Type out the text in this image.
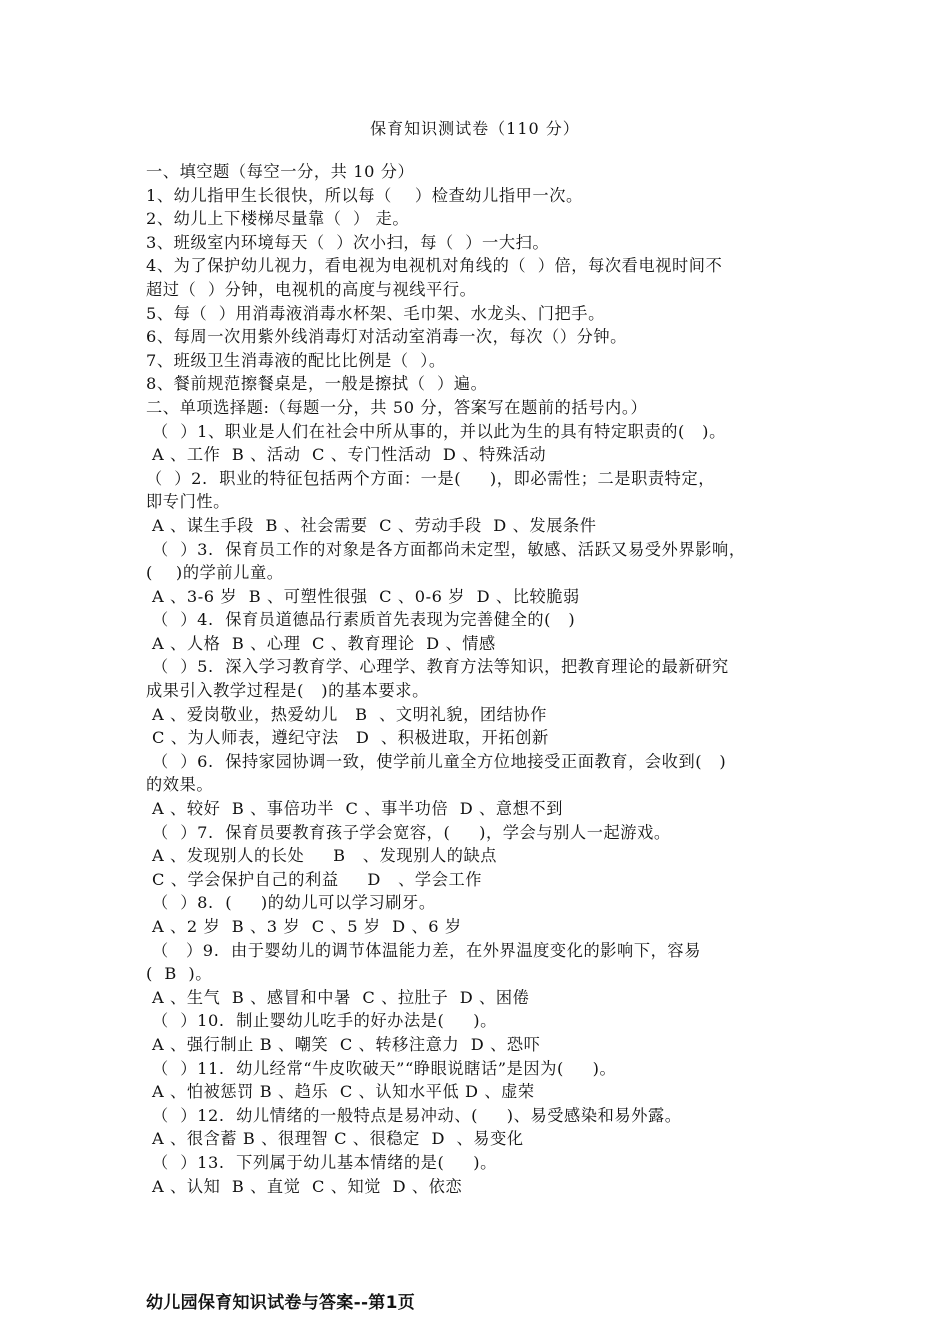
保育知识测试卷（110 分）
一、填空题（每空一分，共 10 分）
1、幼儿指甲生长很快，所以每（    ）检查幼儿指甲一次。
2、幼儿上下楼梯尽量靠（  ） 走。
3、班级室内环境每天（  ）次小扫，每（  ）一大扫。
4、为了保护幼儿视力，看电视为电视机对角线的（  ）倍，每次看电视时间不
超过（  ）分钟，电视机的高度与视线平行。
5、每（  ）用消毒液消毒水杯架、毛巾架、水龙头、门把手。
6、每周一次用紫外线消毒灯对活动室消毒一次，每次（）分钟。
7、班级卫生消毒液的配比比例是（  ）。
8、餐前规范擦餐桌是，一般是擦拭（  ）遍。
二、单项选择题:（每题一分，共 50 分，答案写在题前的括号内。）
（  ）1、职业是人们在社会中所从事的，并以此为生的具有特定职责的(   )。
A 、工作  B 、活动  C 、专门性活动  D 、特殊活动
（  ）2.  职业的特征包括两个方面：一是(     )，即必需性；二是职责特定，
即专门性。
A 、谋生手段  B 、社会需要  C 、劳动手段  D 、发展条件
（  ）3.  保育员工作的对象是各方面都尚未定型，敏感、活跃又易受外界影响，
(    )的学前儿童。
A 、3-6 岁  B 、可塑性很强  C 、0-6 岁  D 、比较脆弱
（  ）4.  保育员道德品行素质首先表现为完善健全的(   )
A 、人格  B 、心理  C 、教育理论  D 、情感
（  ）5.  深入学习教育学、心理学、教育方法等知识，把教育理论的最新研究
成果引入教学过程是(   )的基本要求。
A 、爱岗敬业，热爱幼儿   B  、文明礼貌，团结协作
C 、为人师表，遵纪守法   D  、积极进取，开拓创新
（  ）6.  保持家园协调一致，使学前儿童全方位地接受正面教育，会收到(   )
的效果。
A 、较好  B 、事倍功半  C 、事半功倍  D 、意想不到
（  ）7.  保育员要教育孩子学会宽容，(     )，学会与别人一起游戏。
A 、发现别人的长处     B   、发现别人的缺点
C 、学会保护自己的利益     D   、学会工作
（  ）8.  (     )的幼儿可以学习刷牙。
A 、2 岁  B 、3 岁  C 、5 岁  D 、6 岁
（   ）9.  由于婴幼儿的调节体温能力差，在外界温度变化的影响下，容易
(  B  )。
A 、生气  B 、感冒和中暑  C 、拉肚子  D 、困倦
（  ）10.  制止婴幼儿吃手的好办法是(     )。
A 、强行制止 B 、嘲笑  C 、转移注意力  D 、恐吓
（  ）11.  幼儿经常“牛皮吹破天”“睁眼说瞎话”是因为(     )。
A 、怕被惩罚 B 、趋乐  C 、认知水平低 D 、虚荣
（  ）12.  幼儿情绪的一般特点是易冲动、(     )、易受感染和易外露。
A 、很含蓄 B 、很理智 C 、很稳定  D  、易变化
（  ）13.  下列属于幼儿基本情绪的是(     )。
A 、认知  B 、直觉  C 、知觉  D 、依恋
幼儿园保育知识试卷与答案--第1页
